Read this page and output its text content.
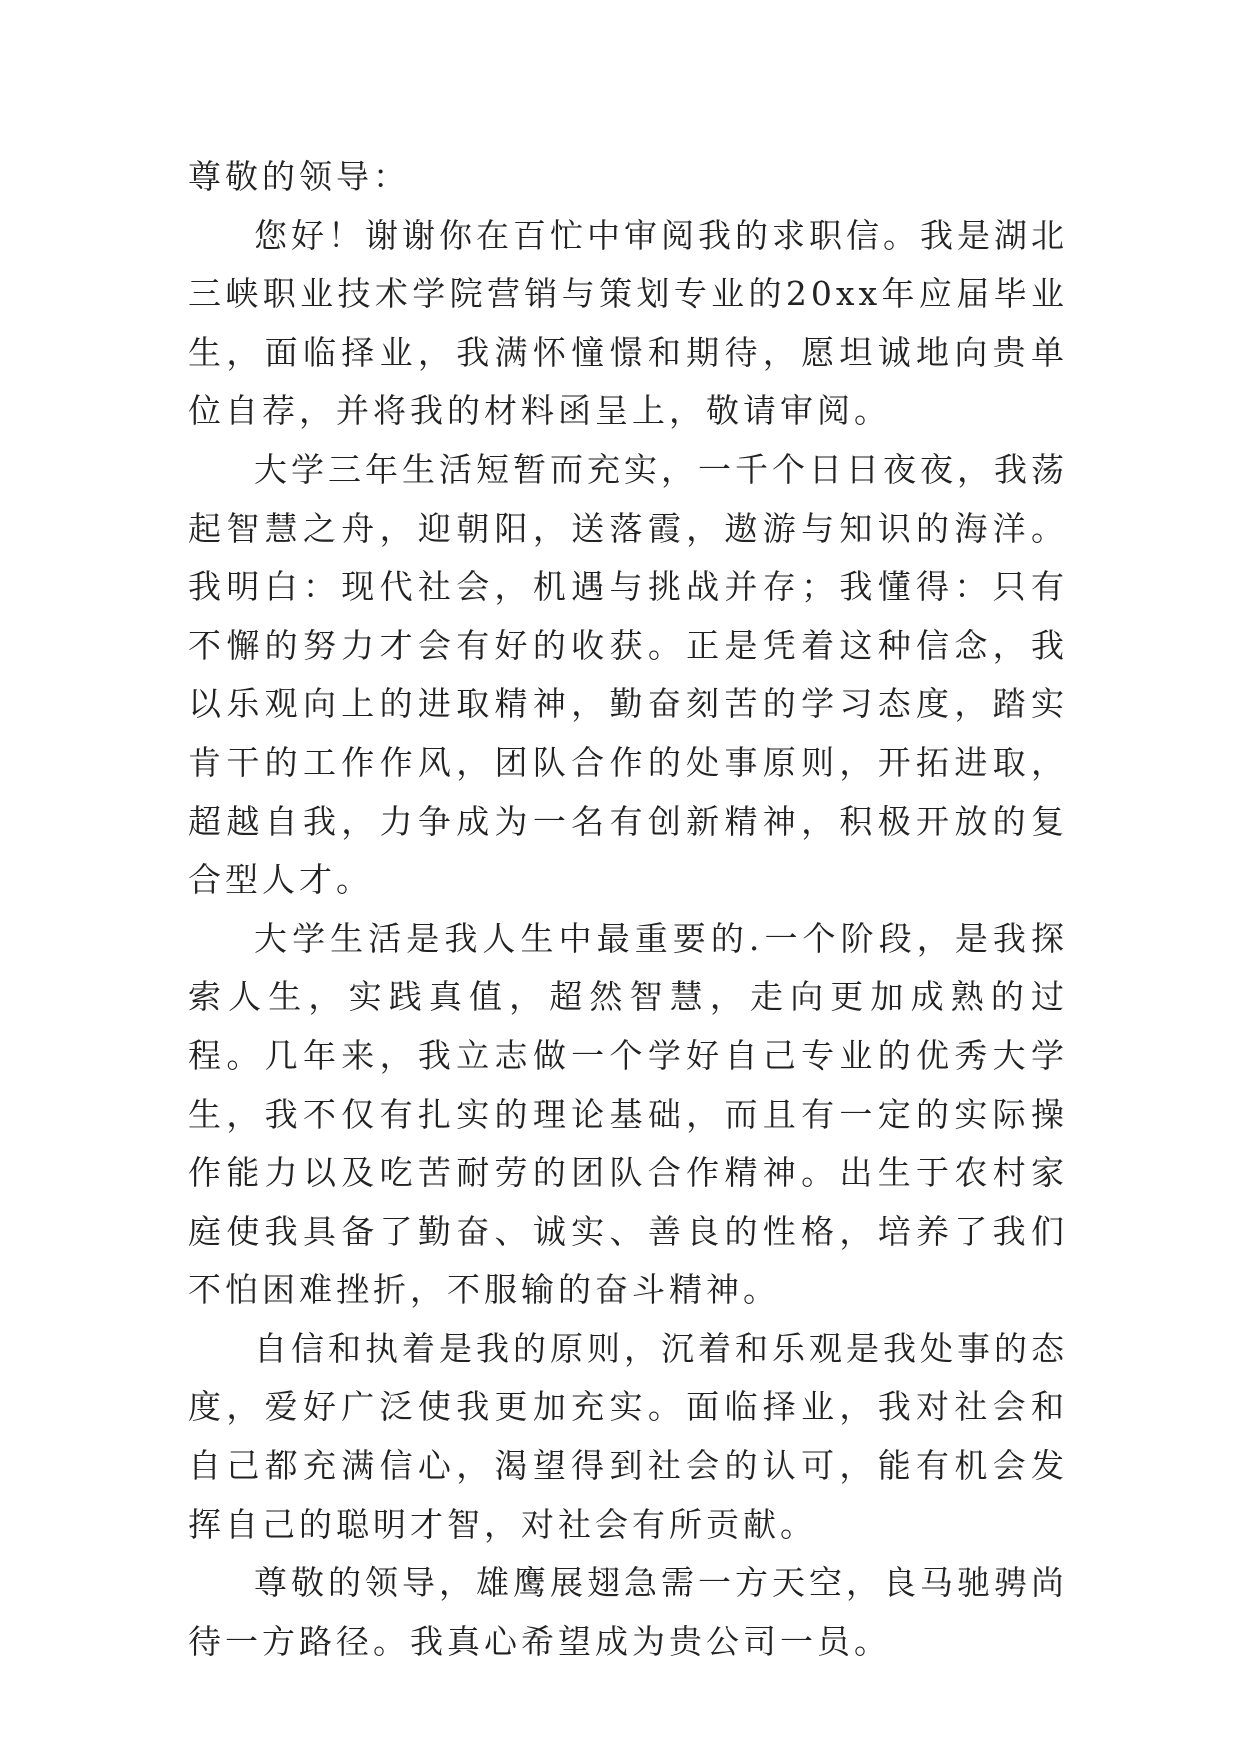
尊敬的领导：

您好！谢谢你在百忙中审阅我的求职信。我是湖北三峡职业技术学院营销与策划专业的20xx年应届毕业生，面临择业，我满怀憧憬和期待，愿坦诚地向贵单位自荐，并将我的材料函呈上，敬请审阅。

大学三年生活短暂而充实，一千个日日夜夜，我荡起智慧之舟，迎朝阳，送落霞，遨游与知识的海洋。我明白：现代社会，机遇与挑战并存；我懂得：只有不懈的努力才会有好的收获。正是凭着这种信念，我以乐观向上的进取精神，勤奋刻苦的学习态度，踏实肯干的工作作风，团队合作的处事原则，开拓进取，超越自我，力争成为一名有创新精神，积极开放的复合型人才。

大学生活是我人生中最重要的.一个阶段，是我探索人生，实践真值，超然智慧，走向更加成熟的过程。几年来，我立志做一个学好自己专业的优秀大学生，我不仅有扎实的理论基础，而且有一定的实际操作能力以及吃苦耐劳的团队合作精神。出生于农村家庭使我具备了勤奋、诚实、善良的性格，培养了我们不怕困难挫折，不服输的奋斗精神。

自信和执着是我的原则，沉着和乐观是我处事的态度，爱好广泛使我更加充实。面临择业，我对社会和自己都充满信心，渴望得到社会的认可，能有机会发挥自己的聪明才智，对社会有所贡献。

尊敬的领导，雄鹰展翅急需一方天空，良马驰骋尚待一方路径。我真心希望成为贵公司一员。
